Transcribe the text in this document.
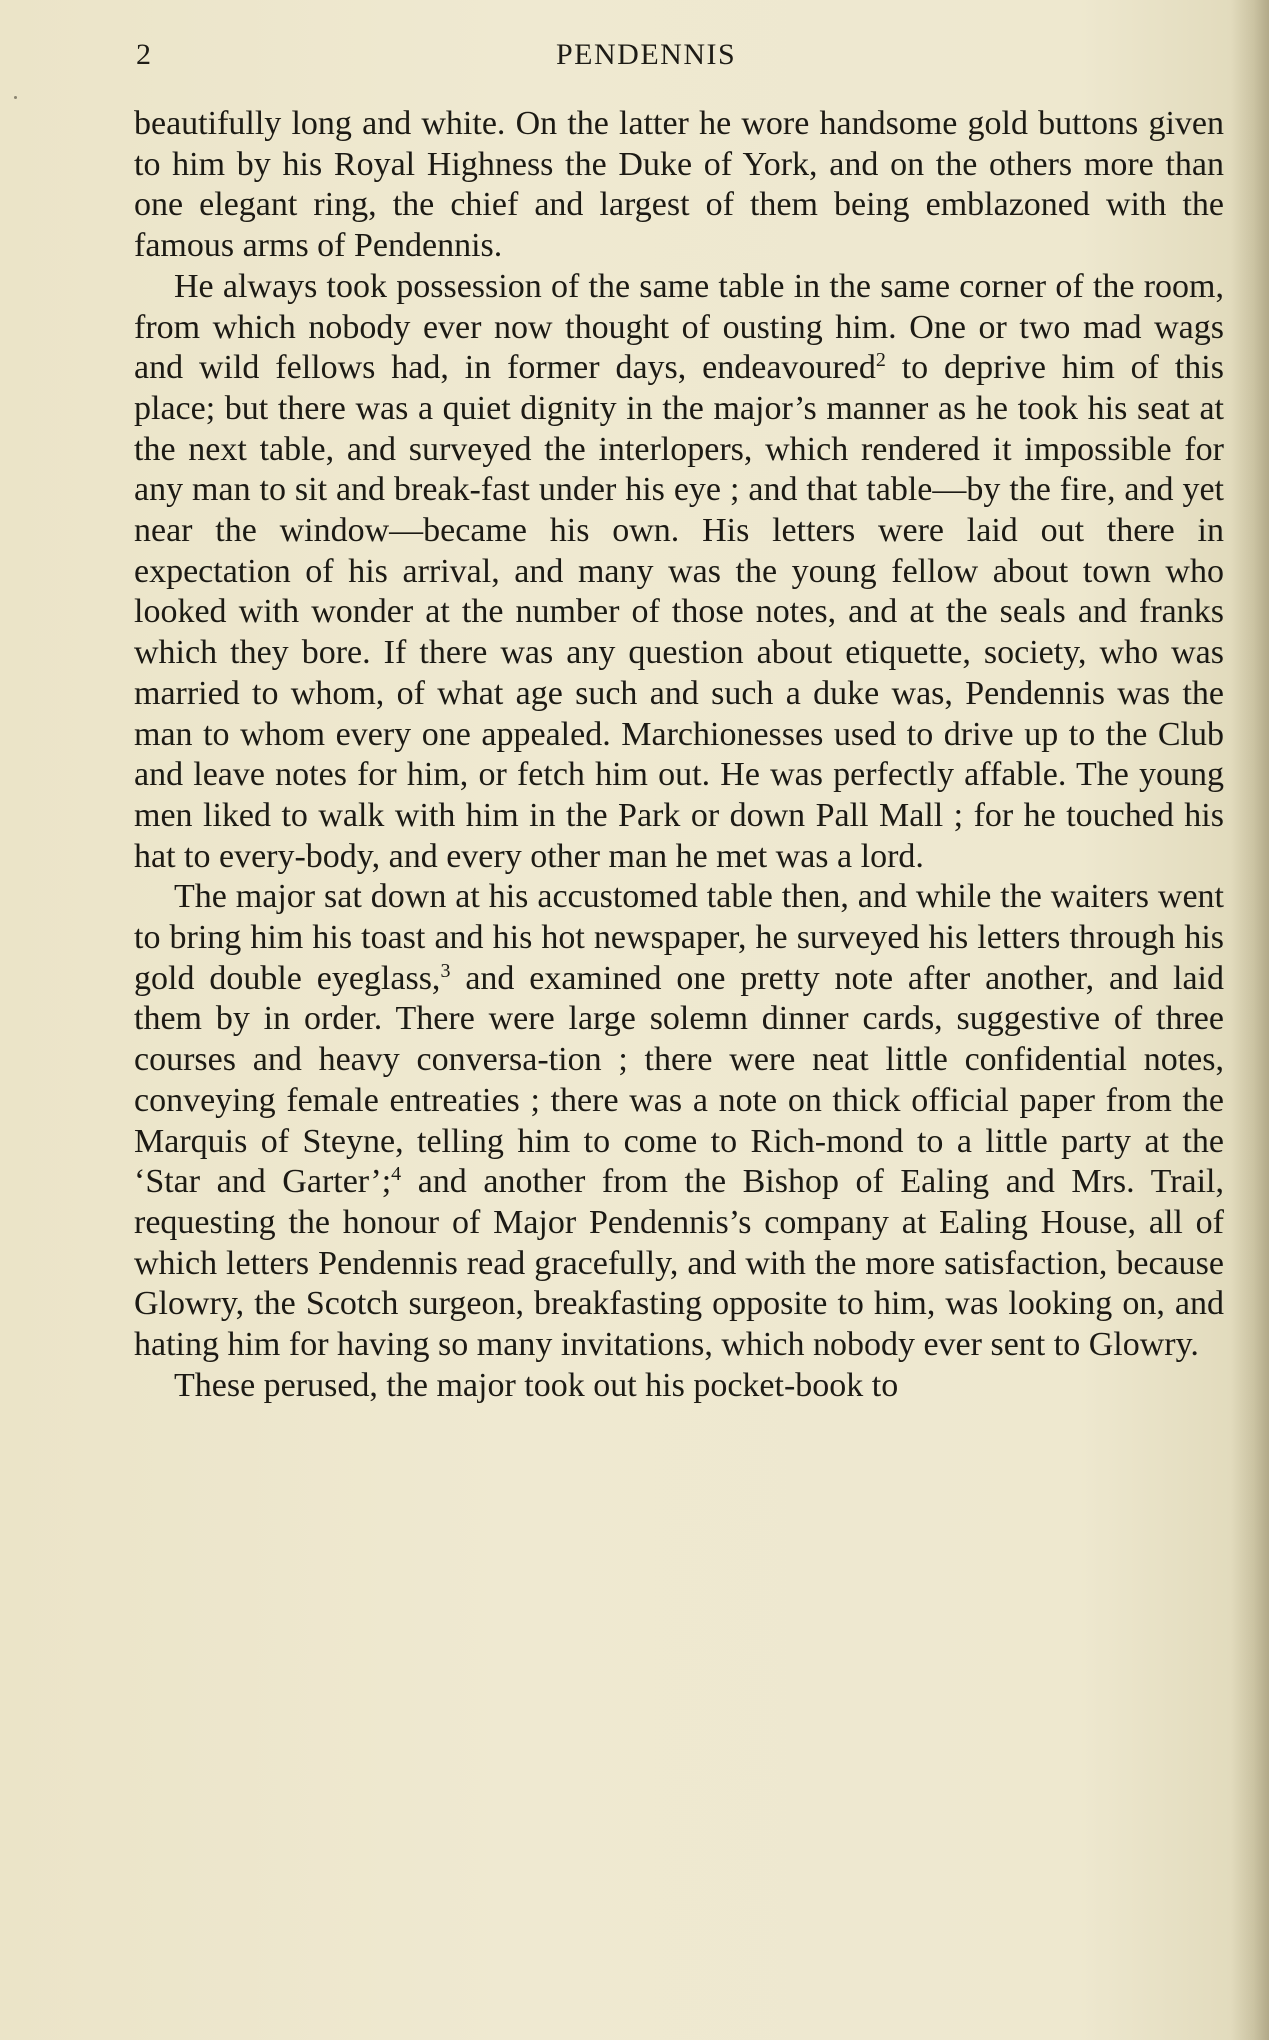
2	PENDENNIS

beautifully long and white. On the latter he wore handsome gold buttons given to him by his Royal Highness the Duke of York, and on the others more than one elegant ring, the chief and largest of them being emblazoned with the famous arms of Pendennis.

He always took possession of the same table in the same corner of the room, from which nobody ever now thought of ousting him. One or two mad wags and wild fellows had, in former days, endeavoured$^2$ to deprive him of this place; but there was a quiet dignity in the major’s manner as he took his seat at the next table, and surveyed the interlopers, which rendered it impossible for any man to sit and break-fast under his eye ; and that table—by the fire, and yet near the window—became his own. His letters were laid out there in expectation of his arrival, and many was the young fellow about town who looked with wonder at the number of those notes, and at the seals and franks which they bore. If there was any question about etiquette, society, who was married to whom, of what age such and such a duke was, Pendennis was the man to whom every one appealed. Marchionesses used to drive up to the Club and leave notes for him, or fetch him out. He was perfectly affable. The young men liked to walk with him in the Park or down Pall Mall ; for he touched his hat to every-body, and every other man he met was a lord.

The major sat down at his accustomed table then, and while the waiters went to bring him his toast and his hot newspaper, he surveyed his letters through his gold double eyeglass,$^3$ and examined one pretty note after another, and laid them by in order. There were large solemn dinner cards, suggestive of three courses and heavy conversa-tion ; there were neat little confidential notes, conveying female entreaties ; there was a note on thick official paper from the Marquis of Steyne, telling him to come to Rich-mond to a little party at the ‘Star and Garter’;$^4$ and another from the Bishop of Ealing and Mrs. Trail, requesting the honour of Major Pendennis’s company at Ealing House, all of which letters Pendennis read gracefully, and with the more satisfaction, because Glowry, the Scotch surgeon, breakfasting opposite to him, was looking on, and hating him for having so many invitations, which nobody ever sent to Glowry.

These perused, the major took out his pocket-book to
